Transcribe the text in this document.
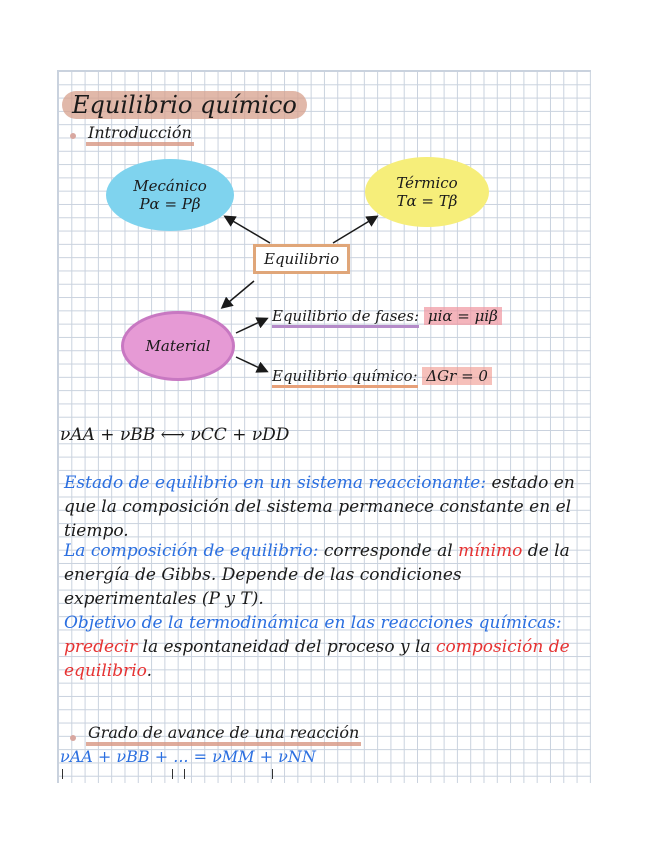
Equilibrio químico
Introducción
Mecánico
Pα = Pβ
Térmico
Tα = Tβ
Equilibrio
Material
Equilibrio de fases: μiα = μiβ
Equilibrio químico: ΔGr = 0
νAA + νBB ⟷ νCC + νDD
Estado de equilibrio en un sistema reaccionante: estado en que la composición del sistema permanece constante en el tiempo.
La composición de equilibrio: corresponde al mínimo de la energía de Gibbs. Depende de las condiciones experimentales (P y T).
Objetivo de la termodinámica en las reacciones químicas: predecir la espontaneidad del proceso y la composición de equilibrio.
Grado de avance de una reacción
νAA + νBB + ... = νMM + νNN
